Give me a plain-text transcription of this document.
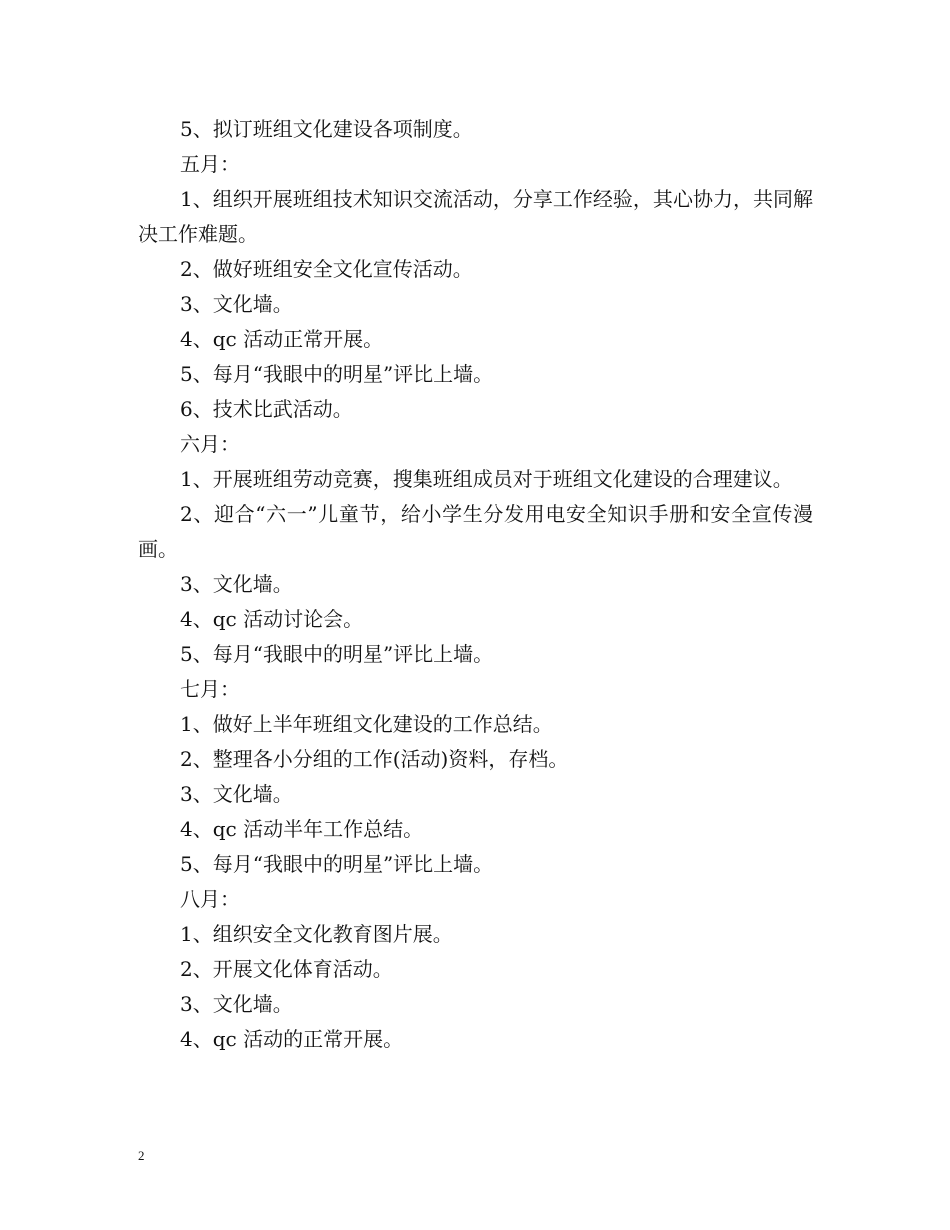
5、拟订班组文化建设各项制度。

五月：

1、组织开展班组技术知识交流活动，分享工作经验，其心协力，共同解决工作难题。

2、做好班组安全文化宣传活动。

3、文化墙。

4、qc 活动正常开展。

5、每月“我眼中的明星”评比上墙。

6、技术比武活动。

六月：

1、开展班组劳动竞赛，搜集班组成员对于班组文化建设的合理建议。

2、迎合“六一”儿童节，给小学生分发用电安全知识手册和安全宣传漫画。

3、文化墙。

4、qc 活动讨论会。

5、每月“我眼中的明星”评比上墙。

七月：

1、做好上半年班组文化建设的工作总结。

2、整理各小分组的工作(活动)资料，存档。

3、文化墙。

4、qc 活动半年工作总结。

5、每月“我眼中的明星”评比上墙。

八月：

1、组织安全文化教育图片展。

2、开展文化体育活动。

3、文化墙。

4、qc 活动的正常开展。

2
